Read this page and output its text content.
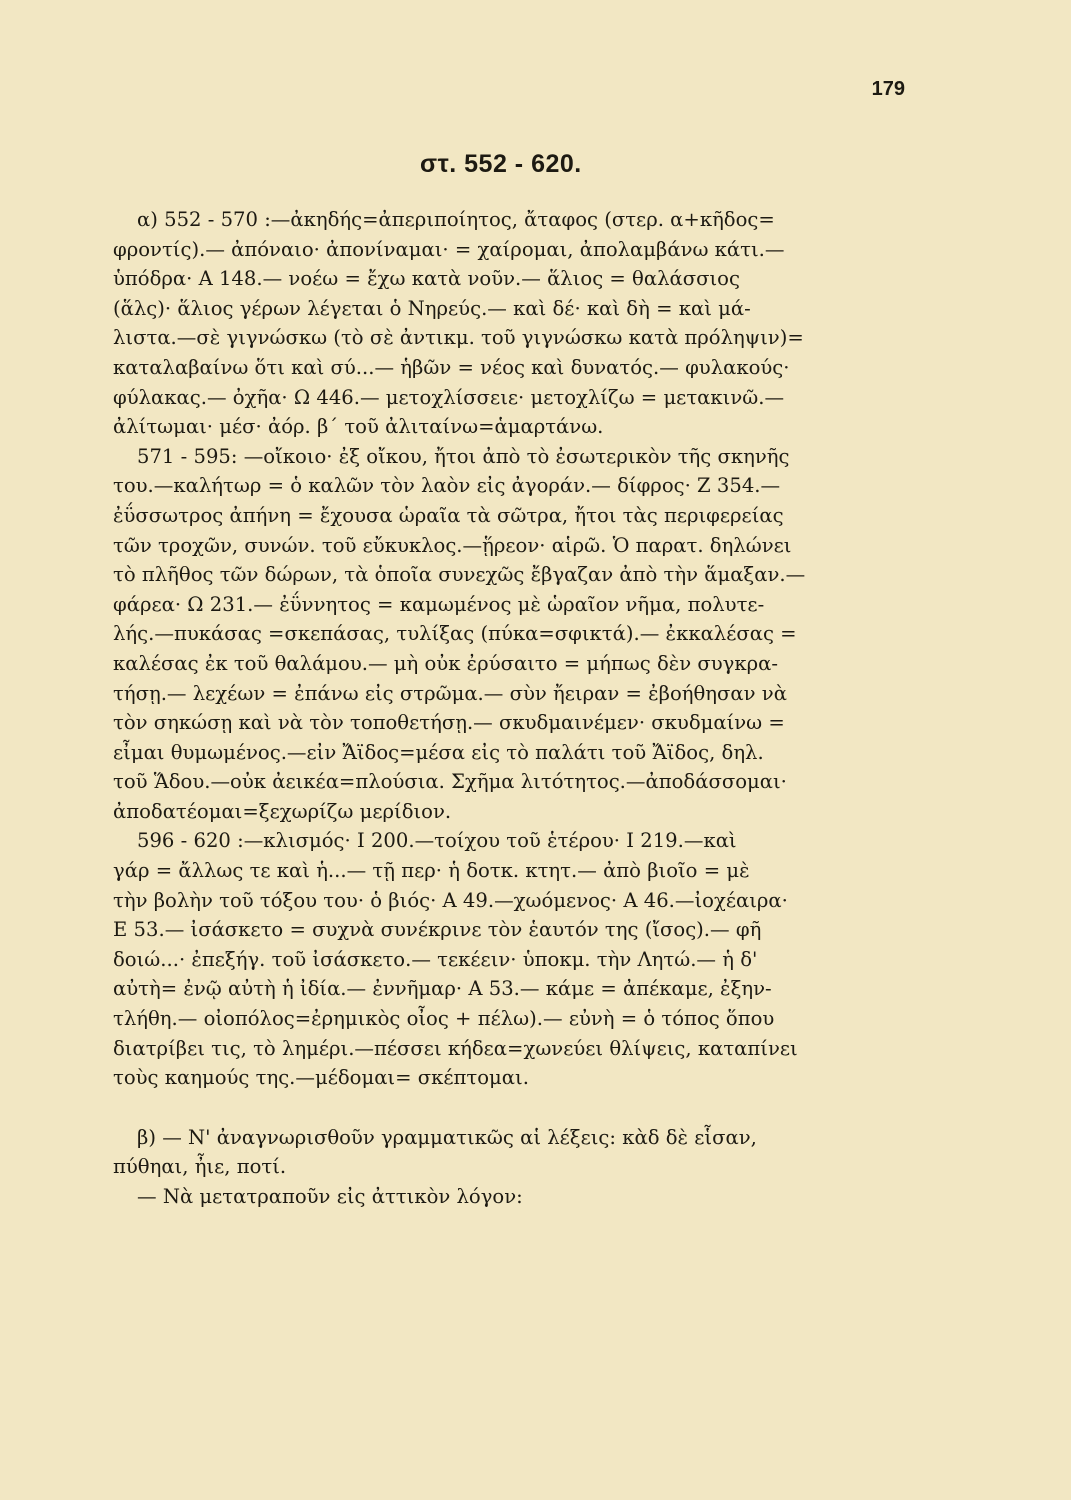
179
στ. 552 - 620.
α) 552 - 570 :—ἀκηδής=ἀπεριποίητος, ἄταφος (στερ. α+κῆδος=
φροντίς).— ἀπόναιο· ἀπονίναμαι· = χαίρομαι, ἀπολαμβάνω κάτι.—
ὑπόδρα· Α 148.— νοέω = ἔχω κατὰ νοῦν.— ἅλιος = θαλάσσιος
(ἅλς)· ἅλιος γέρων λέγεται ὁ Νηρεύς.— καὶ δέ· καὶ δὴ = καὶ μά-
λιστα.—σὲ γιγνώσκω (τὸ σὲ ἀντικμ. τοῦ γιγνώσκω κατὰ πρόληψιν)=
καταλαβαίνω ὅτι καὶ σύ...— ἡβῶν = νέος καὶ δυνατός.— φυλακούς·
φύλακας.— ὀχῆα· Ω 446.— μετοχλίσσειε· μετοχλίζω = μετακινῶ.—
ἀλίτωμαι· μέσ· ἀόρ. β´ τοῦ ἀλιταίνω=ἁμαρτάνω.
571 - 595: —οἴκοιο· ἐξ οἴκου, ἤτοι ἀπὸ τὸ ἐσωτερικὸν τῆς σκηνῆς
του.—καλήτωρ = ὁ καλῶν τὸν λαὸν εἰς ἀγοράν.— δίφρος· Ζ 354.—
ἐΰσσωτρος ἀπήνη = ἔχουσα ὡραῖα τὰ σῶτρα, ἤτοι τὰς περιφερείας
τῶν τροχῶν, συνών. τοῦ εὔκυκλος.—ᾕρεον· αἱρῶ. Ὁ παρατ. δηλώνει
τὸ πλῆθος τῶν δώρων, τὰ ὁποῖα συνεχῶς ἔβγαζαν ἀπὸ τὴν ἅμαξαν.—
φάρεα· Ω 231.— ἐΰννητος = καμωμένος μὲ ὡραῖον νῆμα, πολυτε-
λής.—πυκάσας =σκεπάσας, τυλίξας (πύκα=σφικτά).— ἐκκαλέσας =
καλέσας ἐκ τοῦ θαλάμου.— μὴ οὐκ ἐρύσαιτο = μήπως δὲν συγκρα-
τήσῃ.— λεχέων = ἐπάνω εἰς στρῶμα.— σὺν ἤειραν = ἐβοήθησαν νὰ
τὸν σηκώσῃ καὶ νὰ τὸν τοποθετήσῃ.— σκυδμαινέμεν· σκυδμαίνω =
εἶμαι θυμωμένος.—εἰν Ἄϊδος=μέσα εἰς τὸ παλάτι τοῦ Ἄϊδος, δηλ.
τοῦ Ἅδου.—οὐκ ἀεικέα=πλούσια. Σχῆμα λιτότητος.—ἀποδάσσομαι·
ἀποδατέομαι=ξεχωρίζω μερίδιον.
596 - 620 :—κλισμός· Ι 200.—τοίχου τοῦ ἑτέρου· Ι 219.—καὶ
γάρ = ἄλλως τε καὶ ἡ...— τῇ περ· ἡ δοτκ. κτητ.— ἀπὸ βιοῖο = μὲ
τὴν βολὴν τοῦ τόξου του· ὁ βιός· Α 49.—χωόμενος· Α 46.—ἰοχέαιρα·
Ε 53.— ἰσάσκετο = συχνὰ συνέκρινε τὸν ἑαυτόν της (ἴσος).— φῆ
δοιώ...· ἐπεξήγ. τοῦ ἰσάσκετο.— τεκέειν· ὑποκμ. τὴν Λητώ.— ἡ δ'
αὐτὴ= ἐνῷ αὐτὴ ἡ ἰδία.— ἐννῆμαρ· Α 53.— κάμε = ἀπέκαμε, ἐξην-
τλήθη.— οἰοπόλος=ἐρημικὸς οἶος + πέλω).— εὐνὴ = ὁ τόπος ὅπου
διατρίβει τις, τὸ λημέρι.—πέσσει κήδεα=χωνεύει θλίψεις, καταπίνει
τοὺς καημούς της.—μέδομαι= σκέπτομαι.
β) — Ν' ἀναγνωρισθοῦν γραμματικῶς αἱ λέξεις: κὰδ δὲ εἷσαν,
πύθηαι, ἦιε, ποτί.
— Νὰ μετατραποῦν εἰς ἀττικὸν λόγον:
